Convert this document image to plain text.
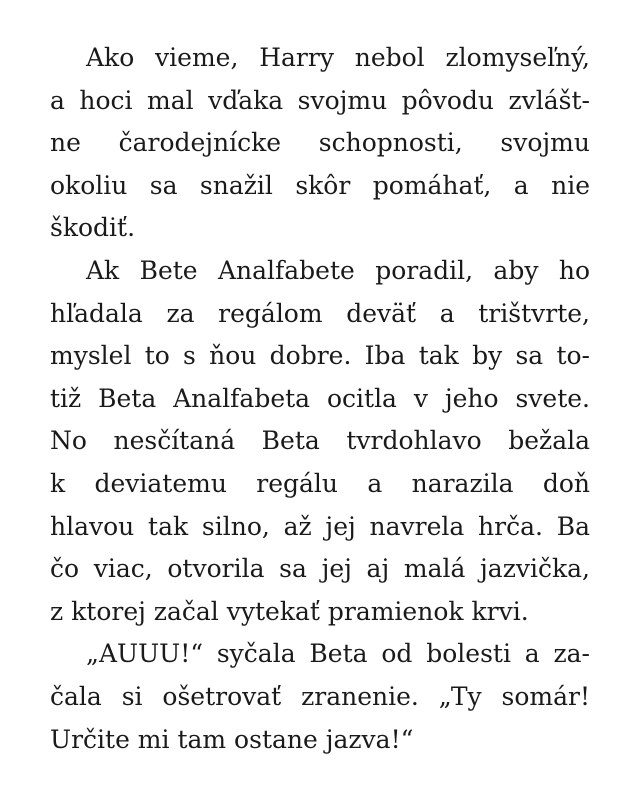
Ako vieme, Harry nebol zlomyseľný,
a hoci mal vďaka svojmu pôvodu zvlášt-
ne čarodejnícke schopnosti, svojmu
okoliu sa snažil skôr pomáhať, a nie
škodiť.
Ak Bete Analfabete poradil, aby ho
hľadala za regálom deväť a trištvrte,
myslel to s ňou dobre. Iba tak by sa to-
tiž Beta Analfabeta ocitla v jeho svete.
No nesčítaná Beta tvrdohlavo bežala
k deviatemu regálu a narazila doň
hlavou tak silno, až jej navrela hrča. Ba
čo viac, otvorila sa jej aj malá jazvička,
z ktorej začal vytekať pramienok krvi.
„AUUU!“ syčala Beta od bolesti a za-
čala si ošetrovať zranenie. „Ty somár!
Určite mi tam ostane jazva!“
